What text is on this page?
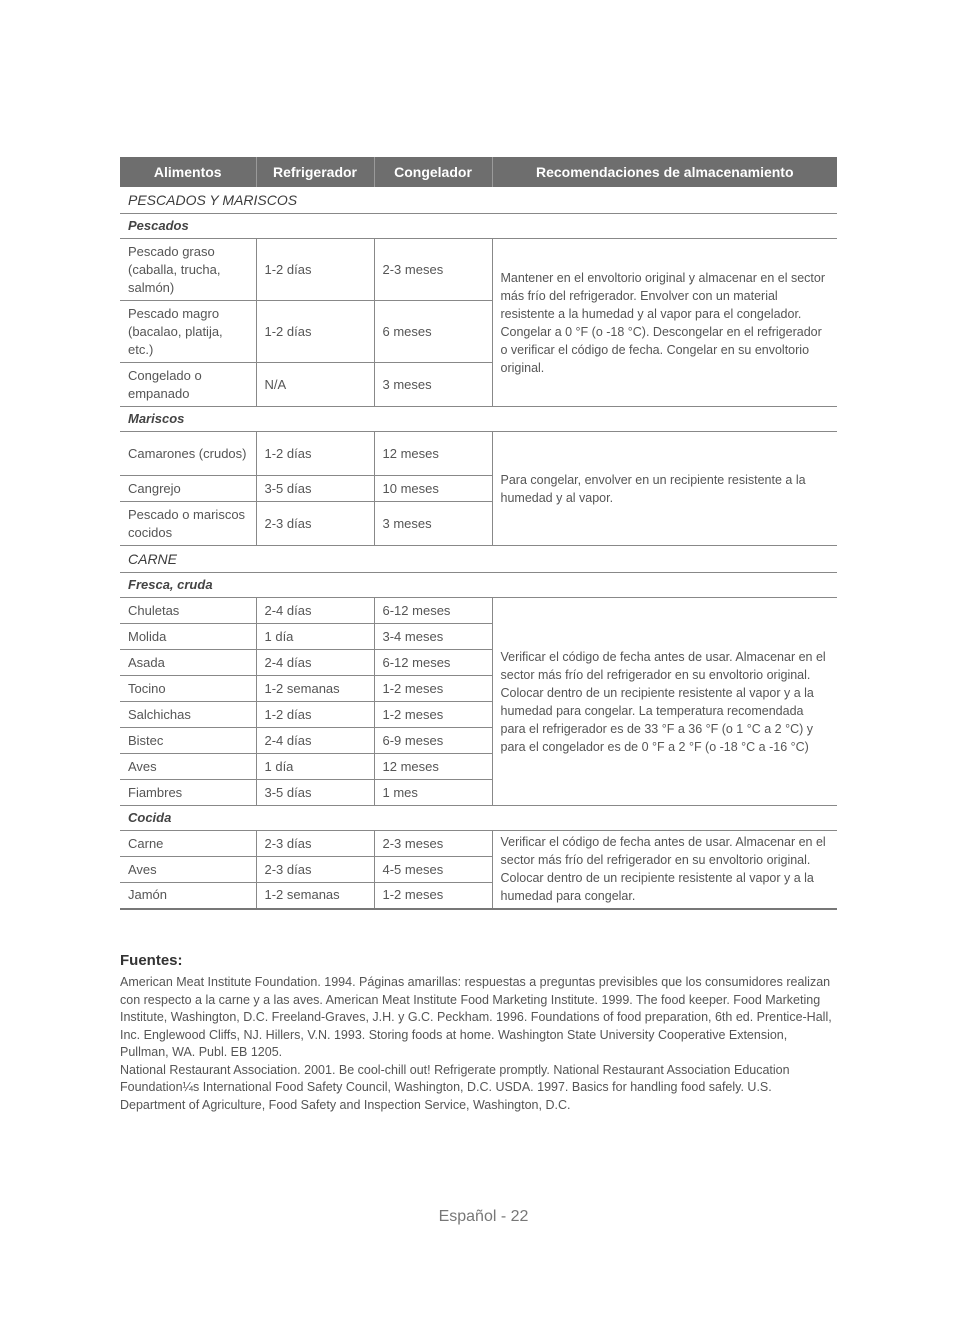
Alimentos	Refrigerador	Congelador	Recomendaciones de almacenamiento
PESCADOS Y MARISCOS			
Pescados			
Pescado graso (caballa, trucha, salmón)	1-2 días	2-3 meses	Mantener en el envoltorio original y almacenar en el sector más frío del refrigerador. Envolver con un material resistente a la humedad y al vapor para el congelador. Congelar a 0 °F (o -18 °C). Descongelar en el refrigerador o verificar el código de fecha. Congelar en su envoltorio original.
Pescado magro (bacalao, platija, etc.)	1-2 días	6 meses	
Congelado o empanado	N/A	3 meses	
Mariscos			
Camarones (crudos)	1-2 días	12 meses	Para congelar, envolver en un recipiente resistente a la humedad y al vapor.
Cangrejo	3-5 días	10 meses	
Pescado o mariscos cocidos	2-3 días	3 meses	
CARNE			
Fresca, cruda			
Chuletas	2-4 días	6-12 meses	Verificar el código de fecha antes de usar. Almacenar en el sector más frío del refrigerador en su envoltorio original. Colocar dentro de un recipiente resistente al vapor y a la humedad para congelar. La temperatura recomendada para el refrigerador es de 33 °F a 36 °F (o 1 °C a 2 °C) y para el congelador es de 0 °F a 2 °F (o -18 °C a -16 °C)
Molida	1 día	3-4 meses	
Asada	2-4 días	6-12 meses	
Tocino	1-2 semanas	1-2 meses	
Salchichas	1-2 días	1-2 meses	
Bistec	2-4 días	6-9 meses	
Aves	1 día	12 meses	
Fiambres	3-5 días	1 mes	
Cocida			
Carne	2-3 días	2-3 meses	Verificar el código de fecha antes de usar. Almacenar en el sector más frío del refrigerador en su envoltorio original. Colocar dentro de un recipiente resistente al vapor y a la humedad para congelar.
Aves	2-3 días	4-5 meses	
Jamón	1-2 semanas	1-2 meses	
Fuentes:

American Meat Institute Foundation. 1994. Páginas amarillas: respuestas a preguntas previsibles que los consumidores realizan con respecto a la carne y a las aves. American Meat Institute Food Marketing Institute. 1999. The food keeper. Food Marketing Institute, Washington, D.C. Freeland-Graves, J.H. y G.C. Peckham. 1996. Foundations of food preparation, 6th ed. Prentice-Hall, Inc. Englewood Cliffs, NJ. Hillers, V.N. 1993. Storing foods at home. Washington State University Cooperative Extension, Pullman, WA. Publ. EB 1205.

National Restaurant Association. 2001. Be cool-chill out! Refrigerate promptly. National Restaurant Association Education Foundation¼s International Food Safety Council, Washington, D.C. USDA. 1997. Basics for handling food safely. U.S. Department of Agriculture, Food Safety and Inspection Service, Washington, D.C.

Español - 22
